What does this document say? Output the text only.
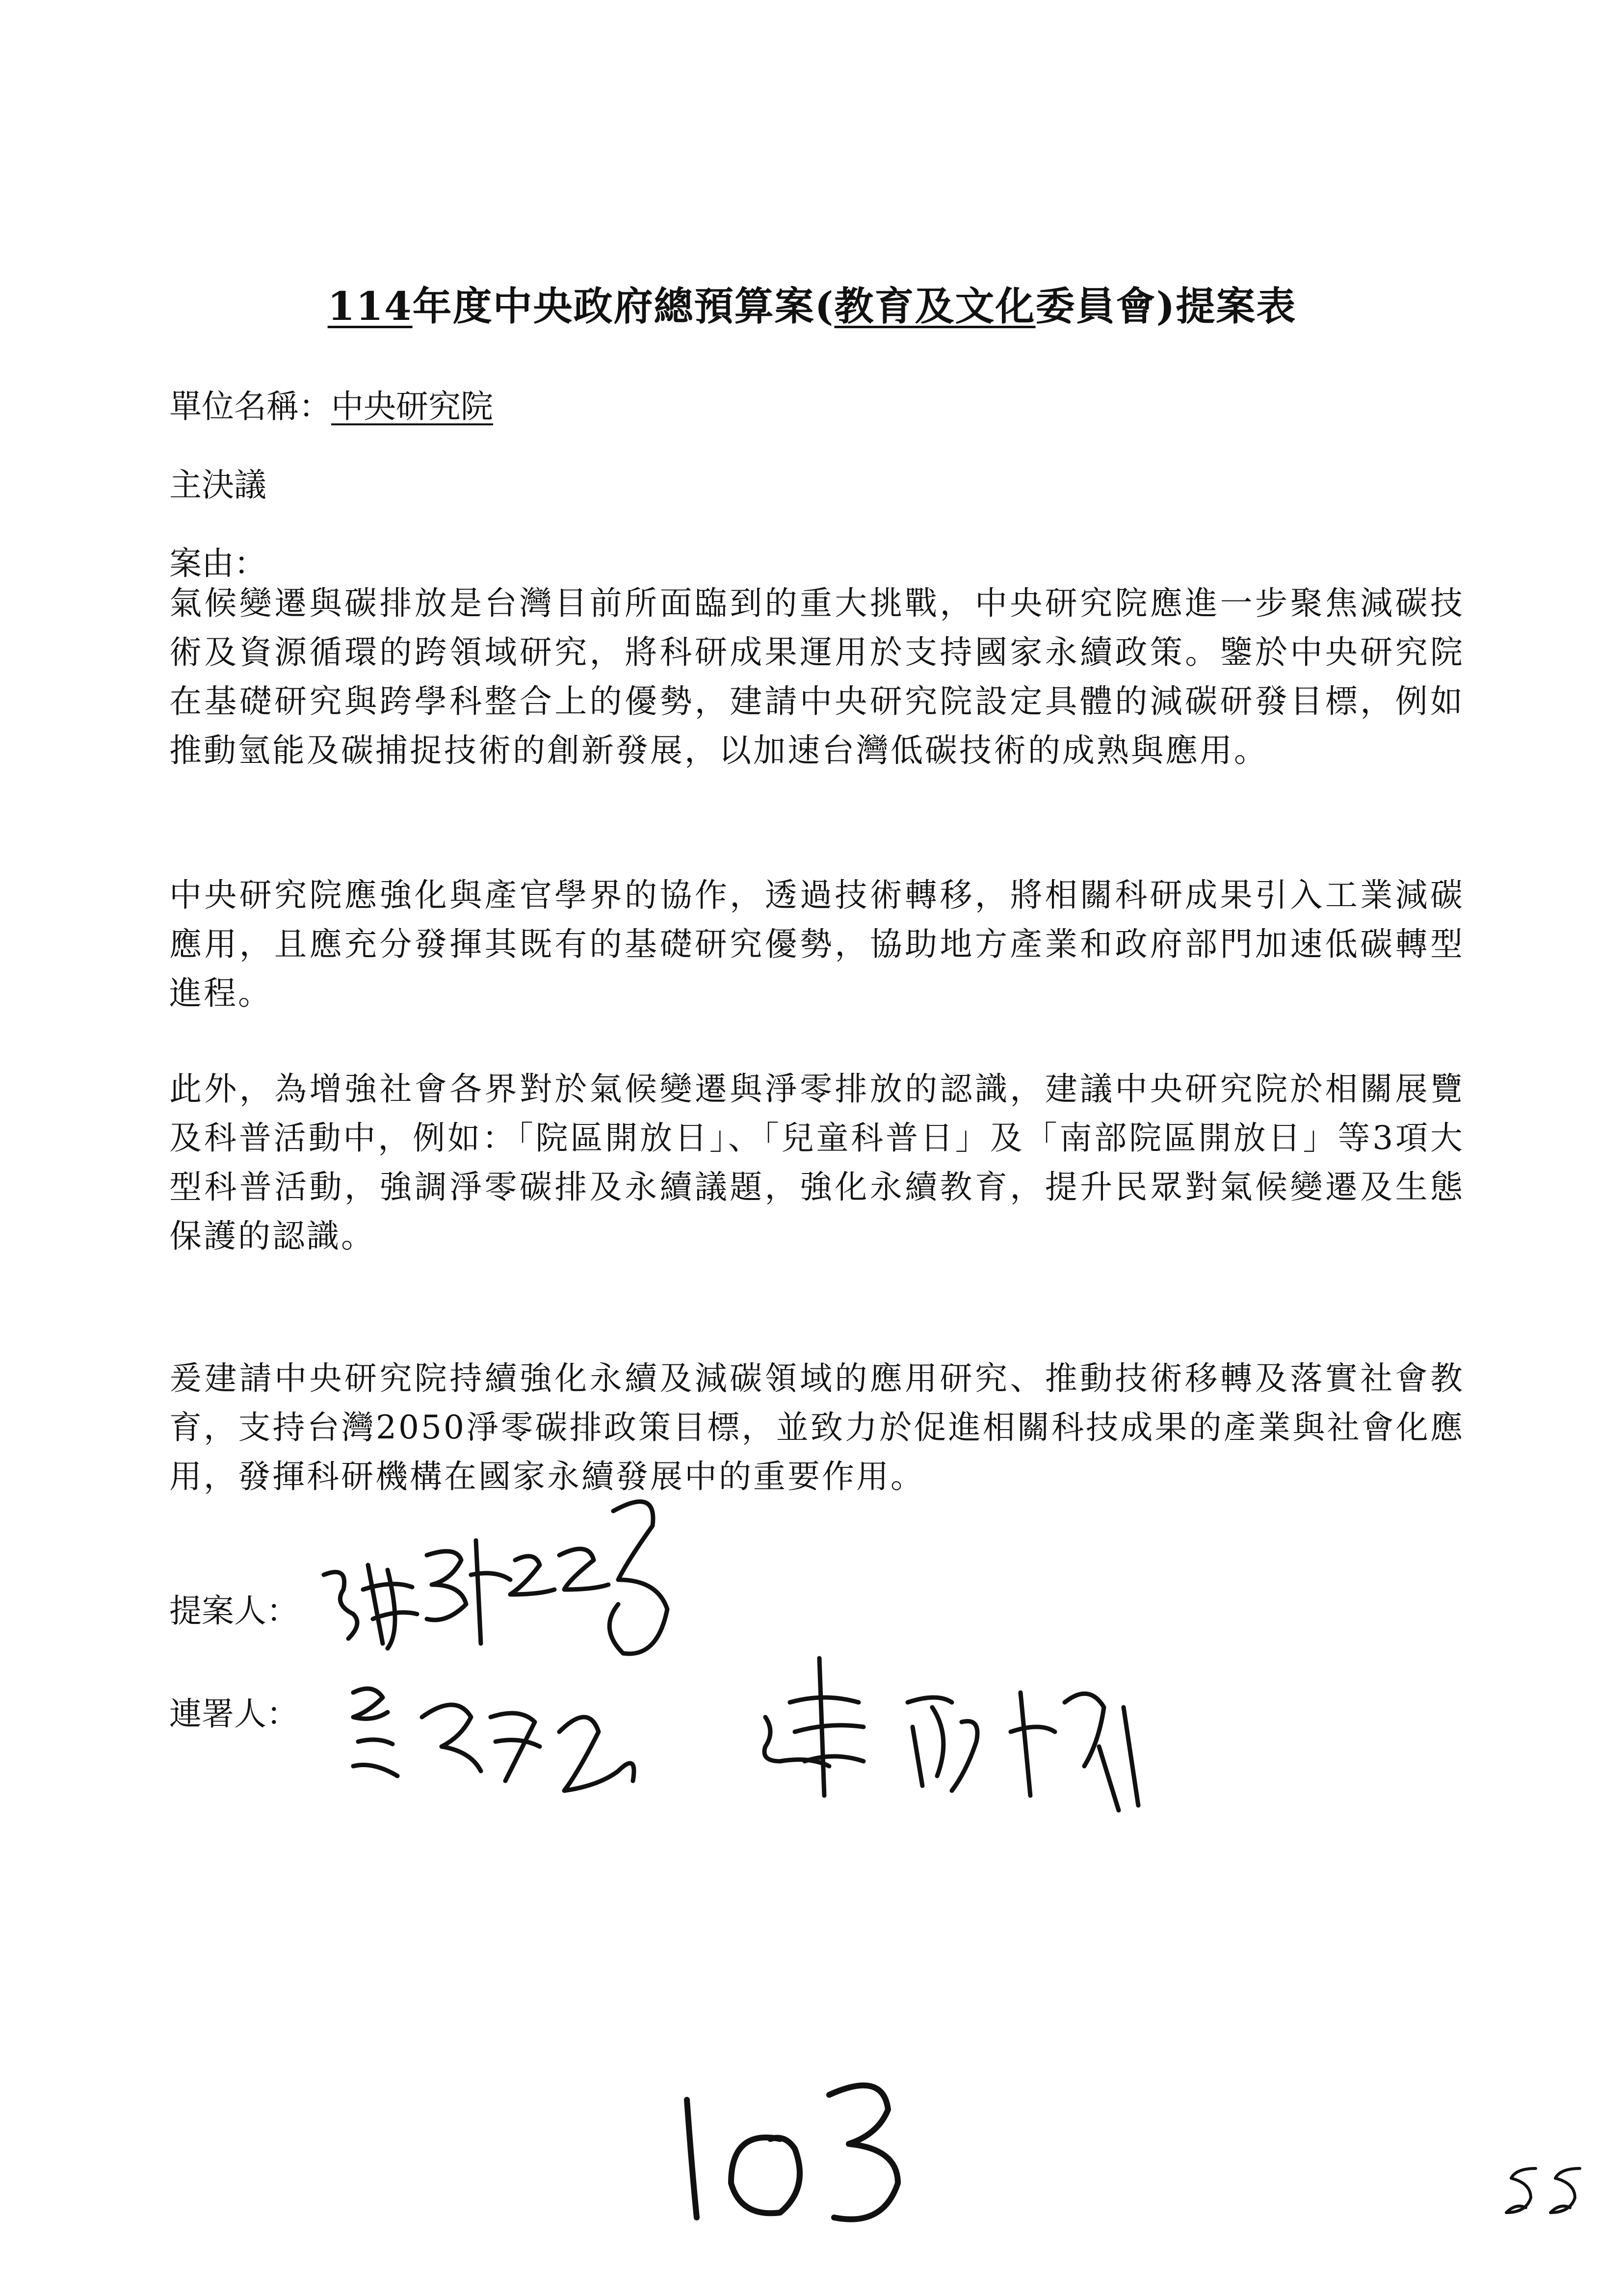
114年度中央政府總預算案(教育及文化委員會)提案表
單位名稱：中央研究院
主決議
案由：
氣候變遷與碳排放是台灣目前所面臨到的重大挑戰，中央研究院應進一步聚焦減碳技術及資源循環的跨領域研究，將科研成果運用於支持國家永續政策。鑒於中央研究院在基礎研究與跨學科整合上的優勢，建請中央研究院設定具體的減碳研發目標，例如推動氫能及碳捕捉技術的創新發展，以加速台灣低碳技術的成熟與應用。
中央研究院應強化與產官學界的協作，透過技術轉移，將相關科研成果引入工業減碳應用，且應充分發揮其既有的基礎研究優勢，協助地方產業和政府部門加速低碳轉型進程。
此外，為增強社會各界對於氣候變遷與淨零排放的認識，建議中央研究院於相關展覽及科普活動中，例如：「院區開放日」、「兒童科普日」及「南部院區開放日」等3項大型科普活動，強調淨零碳排及永續議題，強化永續教育，提升民眾對氣候變遷及生態保護的認識。
爰建請中央研究院持續強化永續及減碳領域的應用研究、推動技術移轉及落實社會教育，支持台灣2050淨零碳排政策目標，並致力於促進相關科技成果的產業與社會化應用，發揮科研機構在國家永續發展中的重要作用。
提案人：
連署人：
